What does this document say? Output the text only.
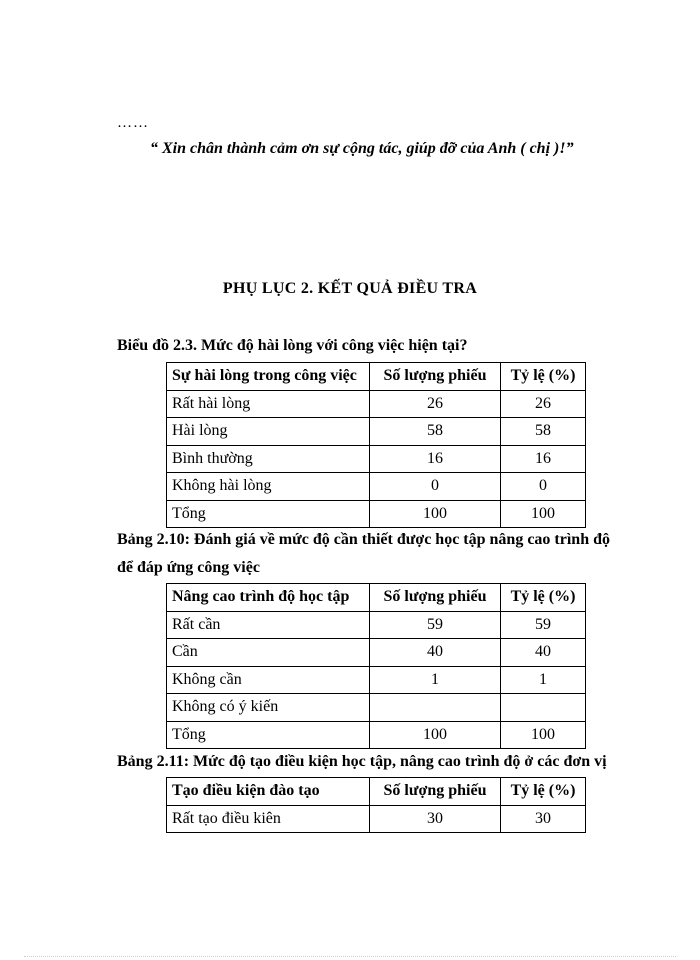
……
“ Xin chân thành cảm ơn sự cộng tác, giúp đỡ của Anh ( chị )!”
PHỤ LỤC 2. KẾT QUẢ ĐIỀU TRA
Biểu đồ 2.3. Mức độ hài lòng với công việc hiện tại?
Sự hài lòng trong công việc	Số lượng phiếu	Tỷ lệ (%)
Rất hài lòng	26	26
Hài lòng	58	58
Bình thường	16	16
Không hài lòng	0	0
Tổng	100	100
Bảng 2.10: Đánh giá về mức độ cần thiết được học tập nâng cao trình độ
để đáp ứng công việc
Nâng cao trình độ học tập	Số lượng phiếu	Tỷ lệ (%)
Rất cần	59	59
Cần	40	40
Không cần	1	1
Không có ý kiến		
Tổng	100	100
Bảng 2.11: Mức độ tạo điều kiện học tập, nâng cao trình độ ở các đơn vị
Tạo điều kiện đào tạo	Số lượng phiếu	Tỷ lệ (%)
Rất tạo điều kiên	30	30
